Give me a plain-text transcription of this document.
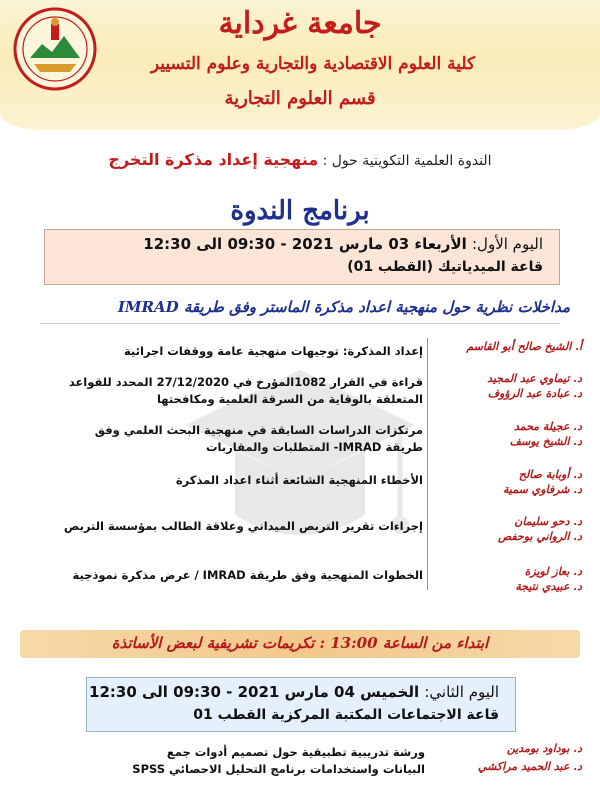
جامعة غرداية
كلية العلوم الاقتصادية والتجارية وعلوم التسيير
قسم العلوم التجارية
الندوة العلمية التكوينية حول : منهجية إعداد مذكرة التخرج
برنامج الندوة
اليوم الأول: الأربعاء 03 مارس 2021 - 09:30 الى 12:30
قاعة الميدياتيك (القطب 01)
مداخلات نظرية حول منهجية اعداد مذكرة الماستر وفق طريقة IMRAD
أ. الشيخ صالح أبو القاسم
إعداد المذكرة: توجيهات منهجية عامة ووقفات اجرائية
د. تيماوي عبد المجيد
د. عبادة عبد الرؤوف
قراءة في القرار 1082المؤرخ في 27/12/2020 المحدد للقواعد المتعلقة بالوقاية من السرقة العلمية ومكافحتها
د. عجيلة محمد
د. الشيخ يوسف
مرتكزات الدراسات السابقة في منهجية البحث العلمي وفق طريقة IMRAD- المتطلبات والمقاربات
د. أوبابة صالح
د. شرفاوي سمية
الأخطاء المنهجية الشائعة أثناء اعداد المذكرة
د. دحو سليمان
د. الرواني بوحفص
إجراءات تقرير التربص الميداني وعلاقة الطالب بمؤسسة التربص
د. بعاز لويزة
د. عبيدي نتيجة
الخطوات المنهجية وفق طريقة IMRAD / عرض مذكرة نموذجية
ابتداء من الساعة 13:00 : تكريمات تشريفية لبعض الأساتذة
اليوم الثاني: الخميس 04 مارس 2021 - 09:30 الى 12:30
قاعة الاجتماعات المكتبة المركزية القطب 01
د. بوداود بومدين
د. عبد الحميد مراكشي
ورشة تدريبية تطبيقية حول تصميم أدوات جمع البيانات واستخدامات برنامج التحليل الاحصائي SPSS
